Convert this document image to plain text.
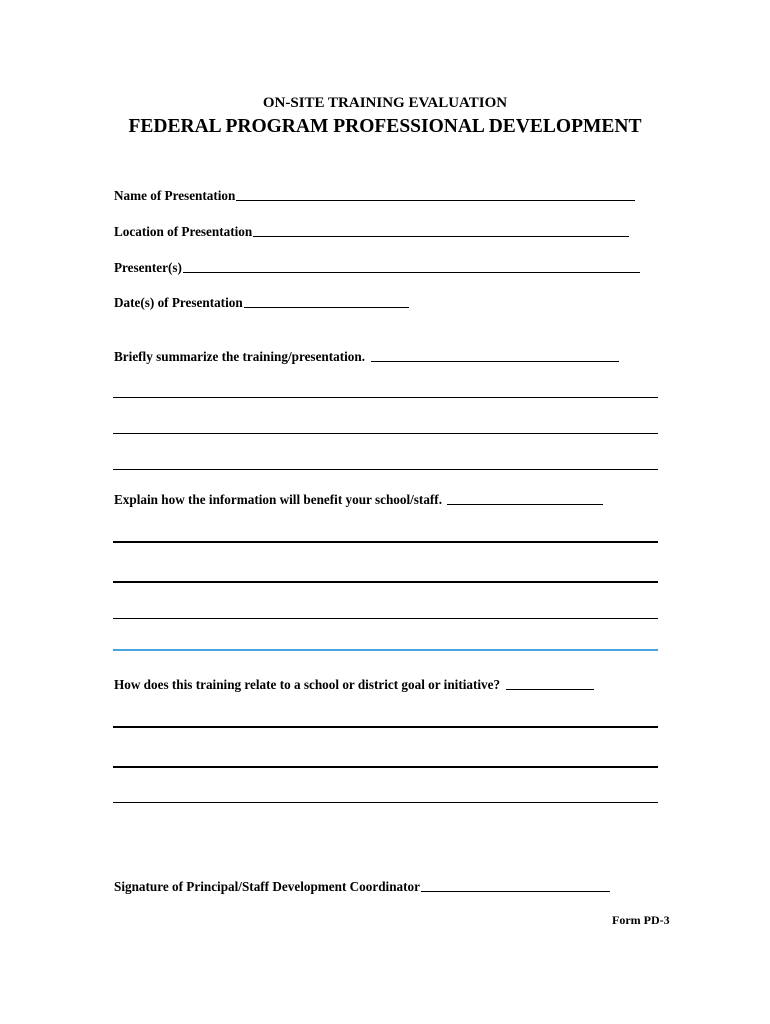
ON-SITE TRAINING EVALUATION
FEDERAL PROGRAM PROFESSIONAL DEVELOPMENT
Name of Presentation
Location of Presentation
Presenter(s)
Date(s) of Presentation
Briefly summarize the training/presentation.
Explain how the information will benefit your school/staff.
How does this training relate to a school or district goal or initiative?
Signature of Principal/Staff Development Coordinator
Form PD-3
